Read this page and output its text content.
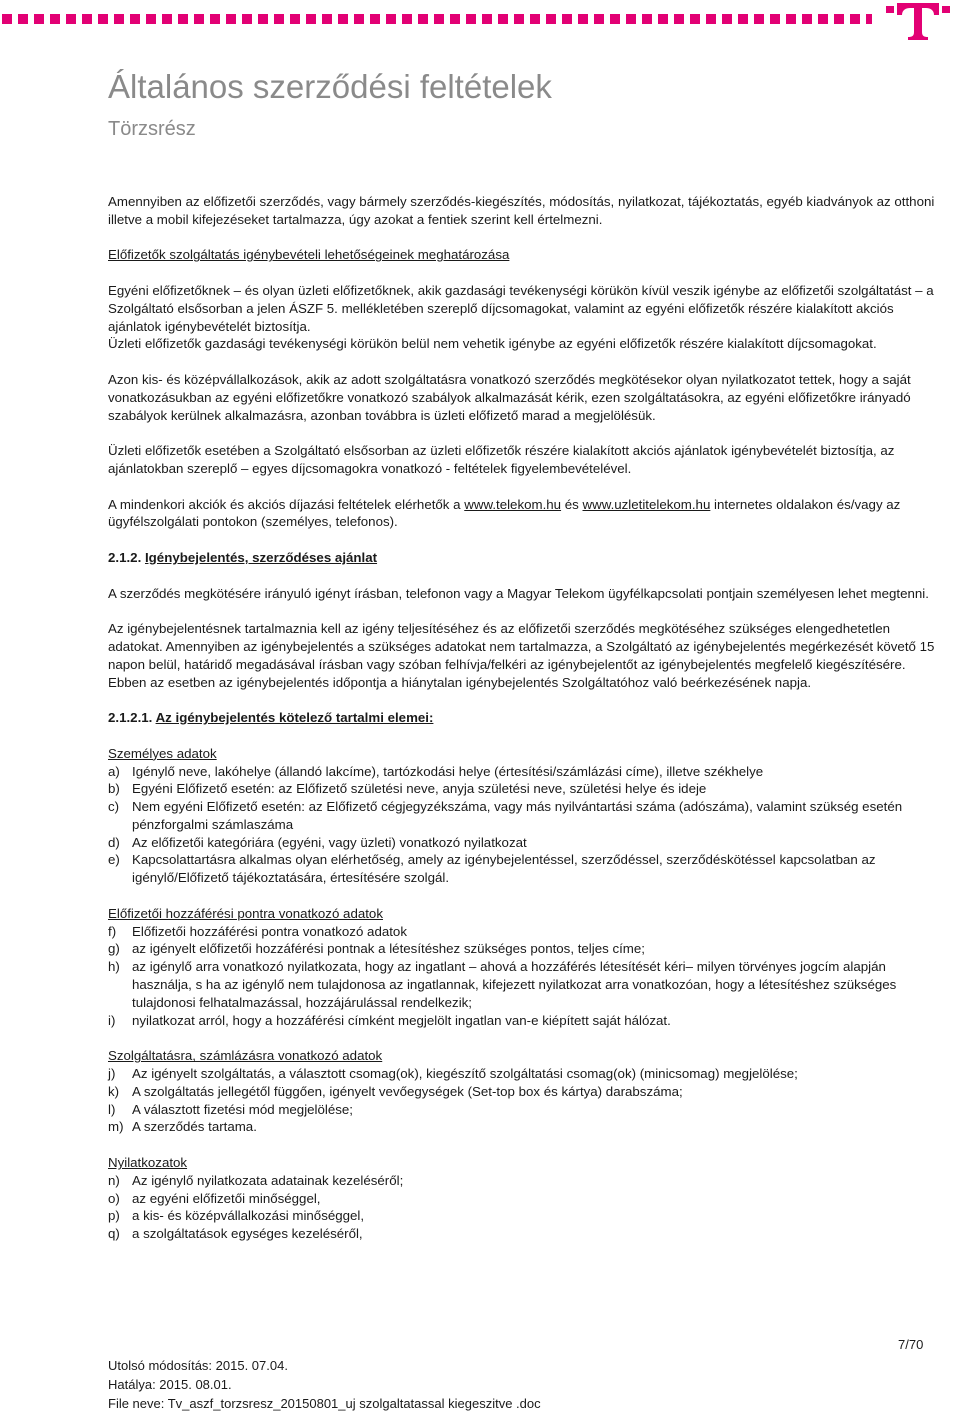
Általános szerződési feltételek
Törzsrész

Amennyiben az előfizetői szerződés, vagy bármely szerződés-kiegészítés, módosítás, nyilatkozat, tájékoztatás, egyéb kiadványok az otthoni illetve a mobil kifejezéseket tartalmazza, úgy azokat a fentiek szerint kell értelmezni.

Előfizetők szolgáltatás igénybevételi lehetőségeinek meghatározása

Egyéni előfizetőknek – és olyan üzleti előfizetőknek, akik gazdasági tevékenységi körükön kívül veszik igénybe az előfizetői szolgáltatást – a Szolgáltató elsősorban a jelen ÁSZF 5. mellékletében szereplő díjcsomagokat, valamint az egyéni előfizetők részére kialakított akciós ajánlatok igénybevételét biztosítja.

Üzleti előfizetők gazdasági tevékenységi körükön belül nem vehetik igénybe az egyéni előfizetők részére kialakított díjcsomagokat.

Azon kis- és középvállalkozások, akik az adott szolgáltatásra vonatkozó szerződés megkötésekor olyan nyilatkozatot tettek, hogy a saját vonatkozásukban az egyéni előfizetőkre vonatkozó szabályok alkalmazását kérik, ezen szolgáltatásokra, az egyéni előfizetőkre irányadó szabályok kerülnek alkalmazásra, azonban továbbra is üzleti előfizető marad a megjelölésük.

Üzleti előfizetők esetében a Szolgáltató elsősorban az üzleti előfizetők részére kialakított akciós ajánlatok igénybevételét biztosítja, az ajánlatokban szereplő – egyes díjcsomagokra vonatkozó - feltételek figyelembevételével.

A mindenkori akciók és akciós díjazási feltételek elérhetők a www.telekom.hu és www.uzletitelekom.hu internetes oldalakon és/vagy az ügyfélszolgálati pontokon (személyes, telefonos).

2.1.2. Igénybejelentés, szerződéses ajánlat

A szerződés megkötésére irányuló igényt írásban, telefonon vagy a Magyar Telekom ügyfélkapcsolati pontjain személyesen lehet megtenni.

Az igénybejelentésnek tartalmaznia kell az igény teljesítéséhez és az előfizetői szerződés megkötéséhez szükséges elengedhetetlen adatokat. Amennyiben az igénybejelentés a szükséges adatokat nem tartalmazza, a Szolgáltató az igénybejelentés megérkezését követő 15 napon belül, határidő megadásával írásban vagy szóban felhívja/felkéri az igénybejelentőt az igénybejelentés megfelelő kiegészítésére. Ebben az esetben az igénybejelentés időpontja a hiánytalan igénybejelentés Szolgáltatóhoz való beérkezésének napja.

2.1.2.1. Az igénybejelentés kötelező tartalmi elemei:

Személyes adatok

a) Igénylő neve, lakóhelye (állandó lakcíme), tartózkodási helye (értesítési/számlázási címe), illetve székhelye
b) Egyéni Előfizető esetén: az Előfizető születési neve, anyja születési neve, születési helye és ideje
c) Nem egyéni Előfizető esetén: az Előfizető cégjegyzékszáma, vagy más nyilvántartási száma (adószáma), valamint szükség esetén pénzforgalmi számlaszáma
d) Az előfizetői kategóriára (egyéni, vagy üzleti) vonatkozó nyilatkozat
e) Kapcsolattartásra alkalmas olyan elérhetőség, amely az igénybejelentéssel, szerződéssel, szerződéskötéssel kapcsolatban az igénylő/Előfizető tájékoztatására, értesítésére szolgál.

Előfizetői hozzáférési pontra vonatkozó adatok

f)	Előfizetői hozzáférési pontra vonatkozó adatok
g) az igényelt előfizetői hozzáférési pontnak a létesítéshez szükséges pontos, teljes címe;
h) az igénylő arra vonatkozó nyilatkozata, hogy az ingatlant – ahová a hozzáférés létesítését kéri– milyen törvényes jogcím alapján használja, s ha az igénylő nem tulajdonosa az ingatlannak, kifejezett nyilatkozat arra vonatkozóan, hogy a létesítéshez szükséges tulajdonosi felhatalmazással, hozzájárulással rendelkezik;
i)	nyilatkozat arról, hogy a hozzáférési címként megjelölt ingatlan van-e kiépített saját hálózat.

Szolgáltatásra, számlázásra vonatkozó adatok

j)	Az igényelt szolgáltatás, a választott csomag(ok), kiegészítő szolgáltatási csomag(ok) (minicsomag) megjelölése;
k) A szolgáltatás jellegétől függően, igényelt vevőegységek (Set-top box és kártya) darabszáma;
l)	A választott fizetési mód megjelölése;
m) A szerződés tartama.

Nyilatkozatok

n) Az igénylő nyilatkozata adatainak kezeléséről;
o) az egyéni előfizetői minőséggel,
p) a kis- és középvállalkozási minőséggel,
q) a szolgáltatások egységes kezeléséről,
7/70
Utolsó módosítás: 2015. 07.04.
Hatálya: 2015. 08.01.
File neve: Tv_aszf_torzsresz_20150801_uj szolgaltatassal kiegeszitve .doc
